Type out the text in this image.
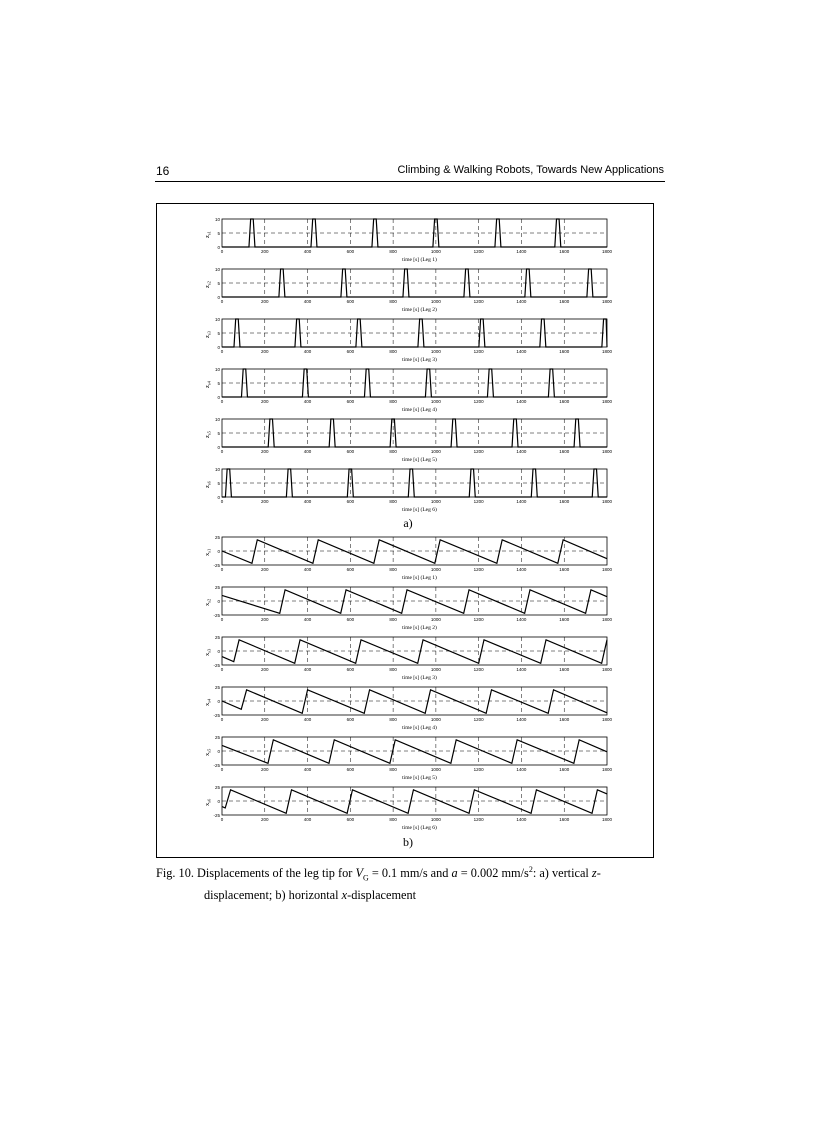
16	Climbing & Walking Robots, Towards New Applications
0
5
10
0	200	400	600	800	1000	1200	1400	1600	1800
$z_{s1}$
time [s] (Leg 1)
0
5
10
0	200	400	600	800	1000	1200	1400	1600	1800
$z_{s2}$
time [s] (Leg 2)
0
5
10
0	200	400	600	800	1000	1200	1400	1600	1800
$z_{s3}$
time [s] (Leg 3)
0
5
10
0	200	400	600	800	1000	1200	1400	1600	1800
$z_{s4}$
time [s] (Leg 4)
0
5
10
0	200	400	600	800	1000	1200	1400	1600	1800
$z_{s5}$
time [s] (Leg 5)
0
5
10
0	200	400	600	800	1000	1200	1400	1600	1800
$z_{s6}$
time [s] (Leg 6)
-25
0
25
0	200	400	600	800	1000	1200	1400	1600	1800
$x_{s1}$
time [s] (Leg 1)
-25
0
25
0	200	400	600	800	1000	1200	1400	1600	1800
$x_{s2}$
time [s] (Leg 2)
-25
0
25
0	200	400	600	800	1000	1200	1400	1600	1800
$x_{s3}$
time [s] (Leg 3)
-25
0
25
0	200	400	600	800	1000	1200	1400	1600	1800
$x_{s4}$
time [s] (Leg 4)
-25
0
25
0	200	400	600	800	1000	1200	1400	1600	1800
$x_{s5}$
time [s] (Leg 5)
-25
0
25
0	200	400	600	800	1000	1200	1400	1600	1800
$x_{s6}$
time [s] (Leg 6)
a)
b)
Fig. 10. Displacements of the leg tip for $V_G = 0.1$ mm/s and a = 0.002 $mm/s^2$: a) vertical z-
displacement; b) horizontal x-displacement
